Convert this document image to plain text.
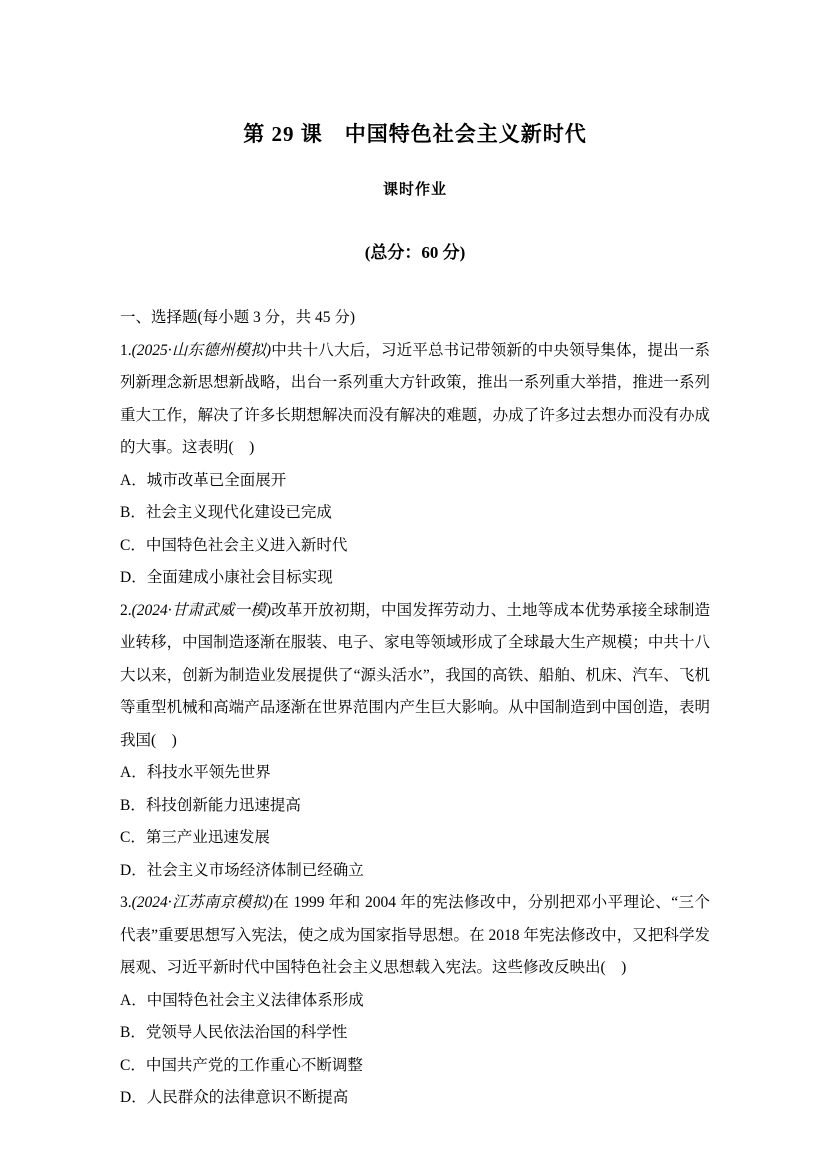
第 29 课　中国特色社会主义新时代
课时作业
(总分：60 分)

一、选择题(每小题 3 分，共 45 分)

1.(2025·山东德州模拟)中共十八大后，习近平总书记带领新的中央领导集体，提出一系列新理念新思想新战略，出台一系列重大方针政策，推出一系列重大举措，推进一系列重大工作，解决了许多长期想解决而没有解决的难题，办成了许多过去想办而没有办成的大事。这表明(　)

A．城市改革已全面展开

B．社会主义现代化建设已完成

C．中国特色社会主义进入新时代

D．全面建成小康社会目标实现

2.(2024·甘肃武威一模)改革开放初期，中国发挥劳动力、土地等成本优势承接全球制造业转移，中国制造逐渐在服装、电子、家电等领域形成了全球最大生产规模；中共十八大以来，创新为制造业发展提供了“源头活水”，我国的高铁、船舶、机床、汽车、飞机等重型机械和高端产品逐渐在世界范围内产生巨大影响。从中国制造到中国创造，表明我国(　)

A．科技水平领先世界

B．科技创新能力迅速提高

C．第三产业迅速发展

D．社会主义市场经济体制已经确立

3.(2024·江苏南京模拟)在 1999 年和 2004 年的宪法修改中，分别把邓小平理论、“三个代表”重要思想写入宪法，使之成为国家指导思想。在 2018 年宪法修改中，又把科学发展观、习近平新时代中国特色社会主义思想载入宪法。这些修改反映出(　)

A．中国特色社会主义法律体系形成

B．党领导人民依法治国的科学性

C．中国共产党的工作重心不断调整

D．人民群众的法律意识不断提高
